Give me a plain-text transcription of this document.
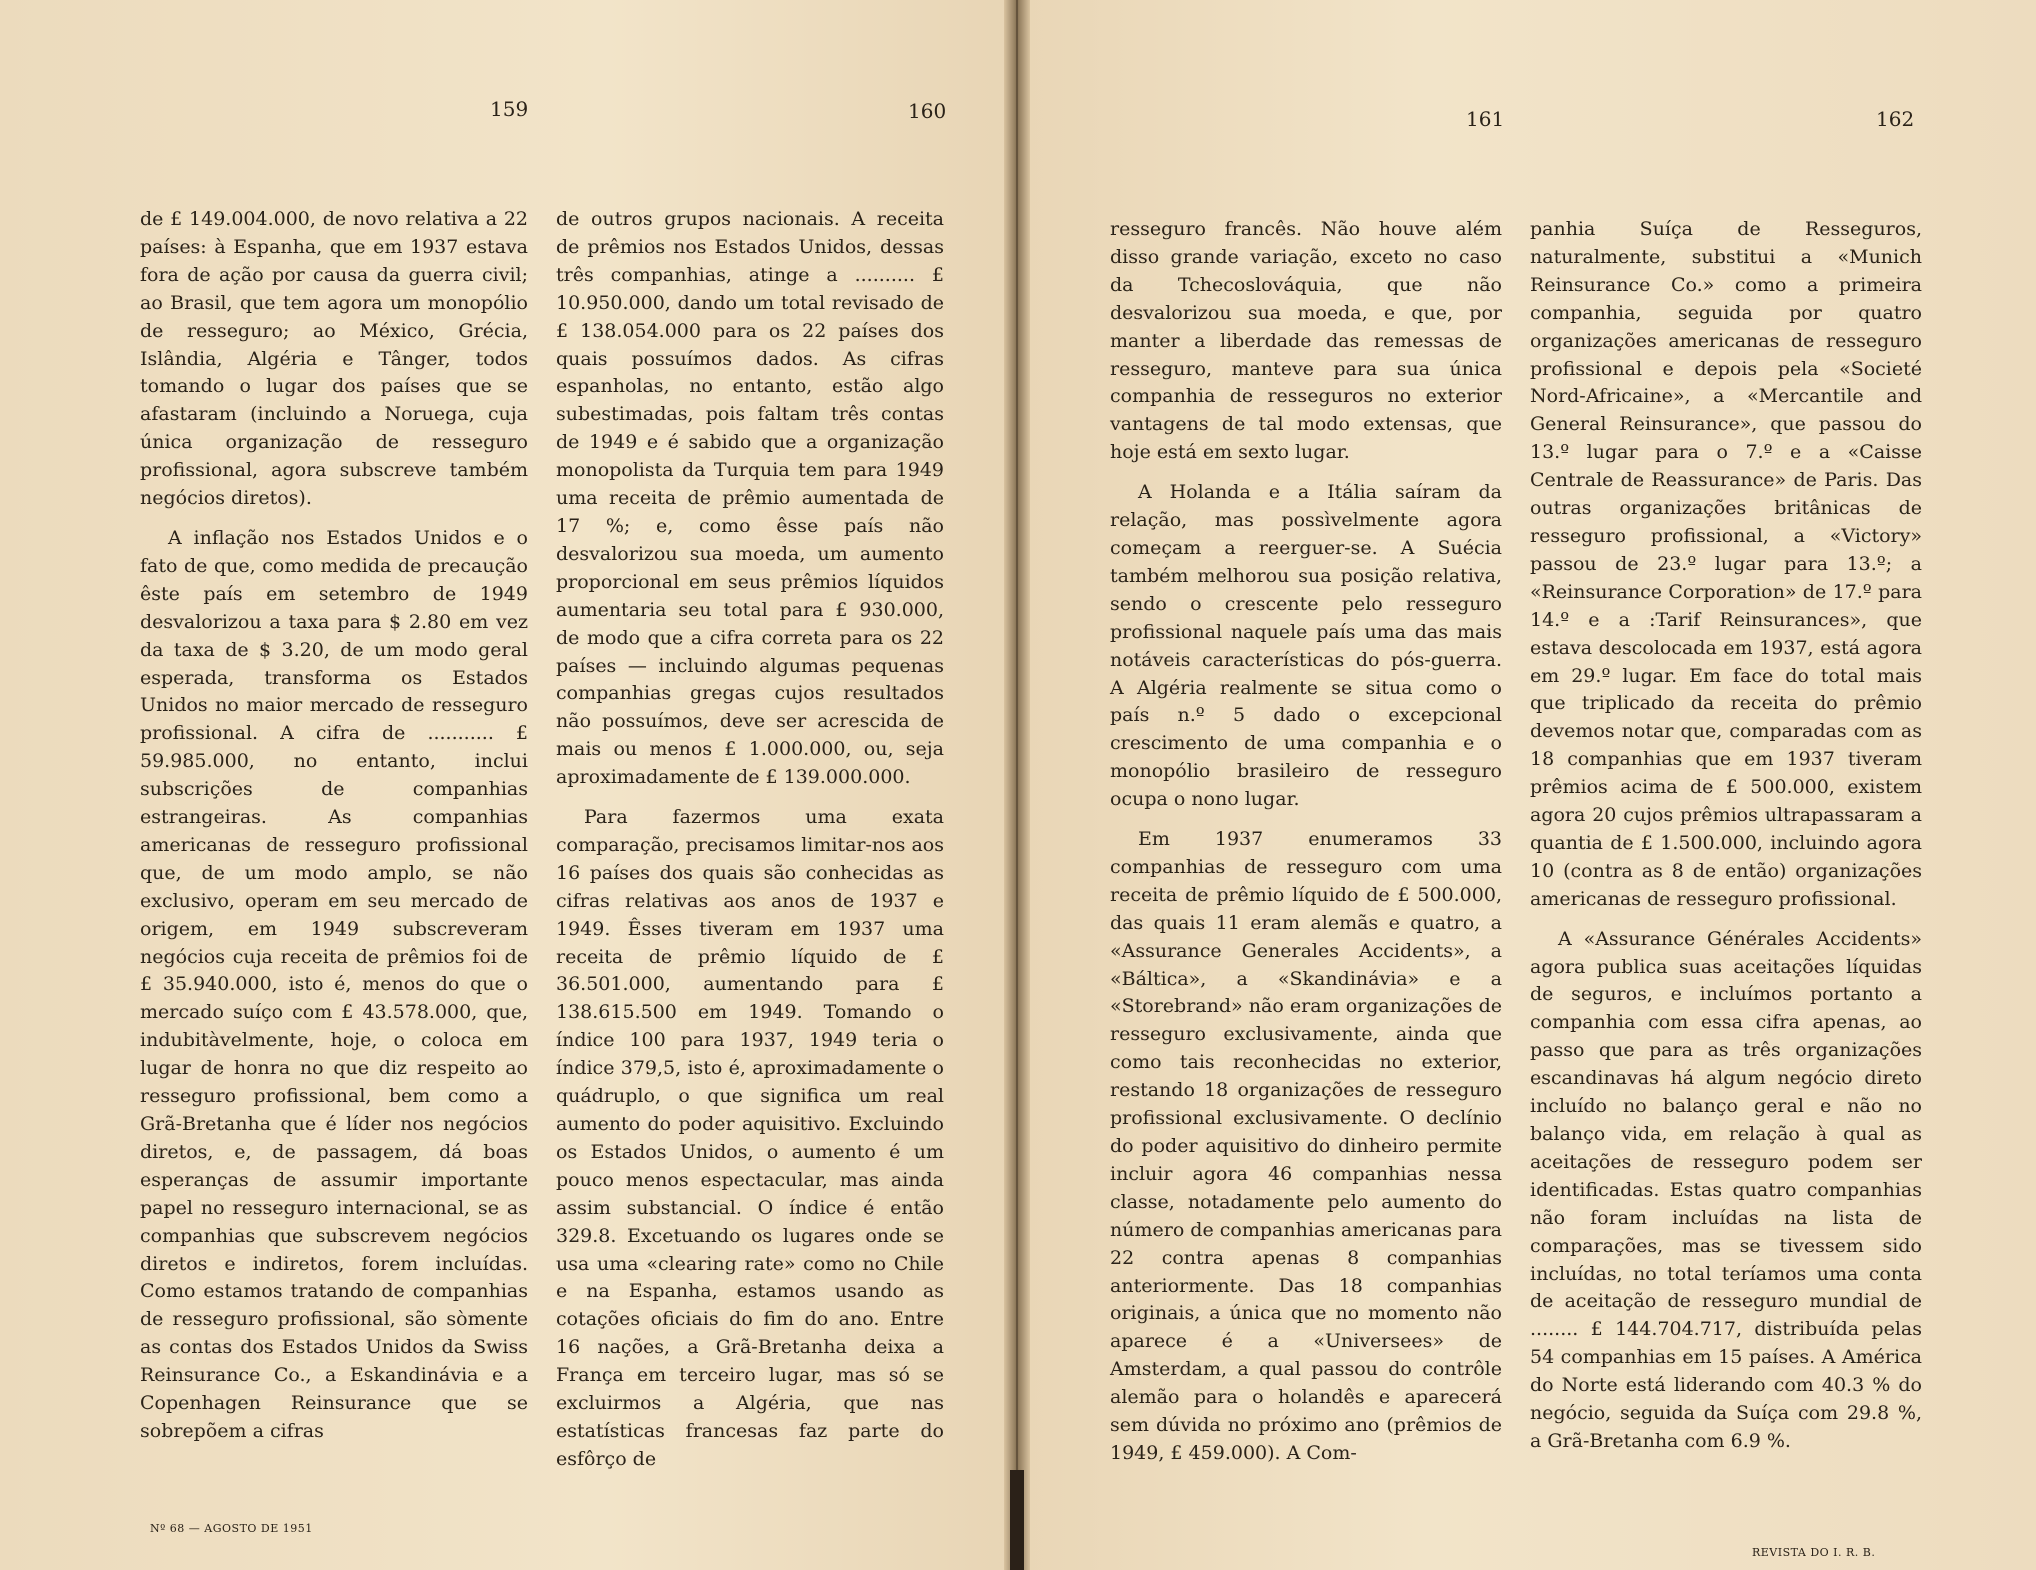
159	160	161	162

de £ 149.004.000, de novo relativa a 22 países: à Espanha, que em 1937 estava fora de ação por causa da guerra civil; ao Brasil, que tem agora um monopólio de resseguro; ao México, Grécia, Islândia, Algéria e Tânger, todos tomando o lugar dos países que se afastaram (incluindo a Noruega, cuja única organização de resseguro profissional, agora subscreve também negócios diretos).

A inflação nos Estados Unidos e o fato de que, como medida de precaução êste país em setembro de 1949 desvalorizou a taxa para $ 2.80 em vez da taxa de $ 3.20, de um modo geral esperada, transforma os Estados Unidos no maior mercado de resseguro profissional. A cifra de ........... £ 59.985.000, no entanto, inclui subscrições de companhias estrangeiras. As companhias americanas de resseguro profissional que, de um modo amplo, se não exclusivo, operam em seu mercado de origem, em 1949 subscreveram negócios cuja receita de prêmios foi de £ 35.940.000, isto é, menos do que o mercado suíço com £ 43.578.000, que, indubitàvelmente, hoje, o coloca em lugar de honra no que diz respeito ao resseguro profissional, bem como a Grã-Bretanha que é líder nos negócios diretos, e, de passagem, dá boas esperanças de assumir importante papel no resseguro internacional, se as companhias que subscrevem negócios diretos e indiretos, forem incluídas. Como estamos tratando de companhias de resseguro profissional, são sòmente as contas dos Estados Unidos da Swiss Reinsurance Co., a Eskandinávia e a Copenhagen Reinsurance que se sobrepõem a cifras

de outros grupos nacionais. A receita de prêmios nos Estados Unidos, dessas três companhias, atinge a .......... £ 10.950.000, dando um total revisado de £ 138.054.000 para os 22 países dos quais possuímos dados. As cifras espanholas, no entanto, estão algo subestimadas, pois faltam três contas de 1949 e é sabido que a organização monopolista da Turquia tem para 1949 uma receita de prêmio aumentada de 17 %; e, como êsse país não desvalorizou sua moeda, um aumento proporcional em seus prêmios líquidos aumentaria seu total para £ 930.000, de modo que a cifra correta para os 22 países — incluindo algumas pequenas companhias gregas cujos resultados não possuímos, deve ser acrescida de mais ou menos £ 1.000.000, ou, seja aproximadamente de £ 139.000.000.

Para fazermos uma exata comparação, precisamos limitar-nos aos 16 países dos quais são conhecidas as cifras relativas aos anos de 1937 e 1949. Êsses tiveram em 1937 uma receita de prêmio líquido de £ 36.501.000, aumentando para £ 138.615.500 em 1949. Tomando o índice 100 para 1937, 1949 teria o índice 379,5, isto é, aproximadamente o quádruplo, o que significa um real aumento do poder aquisitivo. Excluindo os Estados Unidos, o aumento é um pouco menos espectacular, mas ainda assim substancial. O índice é então 329.8. Excetuando os lugares onde se usa uma «clearing rate» como no Chile e na Espanha, estamos usando as cotações oficiais do fim do ano. Entre 16 nações, a Grã-Bretanha deixa a França em terceiro lugar, mas só se excluirmos a Algéria, que nas estatísticas francesas faz parte do esfôrço de

resseguro francês. Não houve além disso grande variação, exceto no caso da Tchecoslováquia, que não desvalorizou sua moeda, e que, por manter a liberdade das remessas de resseguro, manteve para sua única companhia de resseguros no exterior vantagens de tal modo extensas, que hoje está em sexto lugar.

A Holanda e a Itália saíram da relação, mas possìvelmente agora começam a reerguer-se. A Suécia também melhorou sua posição relativa, sendo o crescente pelo resseguro profissional naquele país uma das mais notáveis características do pós-guerra. A Algéria realmente se situa como o país n.º 5 dado o excepcional crescimento de uma companhia e o monopólio brasileiro de resseguro ocupa o nono lugar.

Em 1937 enumeramos 33 companhias de resseguro com uma receita de prêmio líquido de £ 500.000, das quais 11 eram alemãs e quatro, a «Assurance Generales Accidents», a «Báltica», a «Skandinávia» e a «Storebrand» não eram organizações de resseguro exclusivamente, ainda que como tais reconhecidas no exterior, restando 18 organizações de resseguro profissional exclusivamente. O declínio do poder aquisitivo do dinheiro permite incluir agora 46 companhias nessa classe, notadamente pelo aumento do número de companhias americanas para 22 contra apenas 8 companhias anteriormente. Das 18 companhias originais, a única que no momento não aparece é a «Universees» de Amsterdam, a qual passou do contrôle alemão para o holandês e aparecerá sem dúvida no próximo ano (prêmios de 1949, £ 459.000). A Com-

panhia Suíça de Resseguros, naturalmente, substitui a «Munich Reinsurance Co.» como a primeira companhia, seguida por quatro organizações americanas de resseguro profissional e depois pela «Societé Nord-Africaine», a «Mercantile and General Reinsurance», que passou do 13.º lugar para o 7.º e a «Caisse Centrale de Reassurance» de Paris. Das outras organizações britânicas de resseguro profissional, a «Victory» passou de 23.º lugar para 13.º; a «Reinsurance Corporation» de 17.º para 14.º e a :Tarif Reinsurances», que estava descolocada em 1937, está agora em 29.º lugar. Em face do total mais que triplicado da receita do prêmio devemos notar que, comparadas com as 18 companhias que em 1937 tiveram prêmios acima de £ 500.000, existem agora 20 cujos prêmios ultrapassaram a quantia de £ 1.500.000, incluindo agora 10 (contra as 8 de então) organizações americanas de resseguro profissional.

A «Assurance Générales Accidents» agora publica suas aceitações líquidas de seguros, e incluímos portanto a companhia com essa cifra apenas, ao passo que para as três organizações escandinavas há algum negócio direto incluído no balanço geral e não no balanço vida, em relação à qual as aceitações de resseguro podem ser identificadas. Estas quatro companhias não foram incluídas na lista de comparações, mas se tivessem sido incluídas, no total teríamos uma conta de aceitação de resseguro mundial de ........ £ 144.704.717, distribuída pelas 54 companhias em 15 países. A América do Norte está liderando com 40.3 % do negócio, seguida da Suíça com 29.8 %, a Grã-Bretanha com 6.9 %.

Nº 68 — AGOSTO DE 1951
REVISTA DO I. R. B.
